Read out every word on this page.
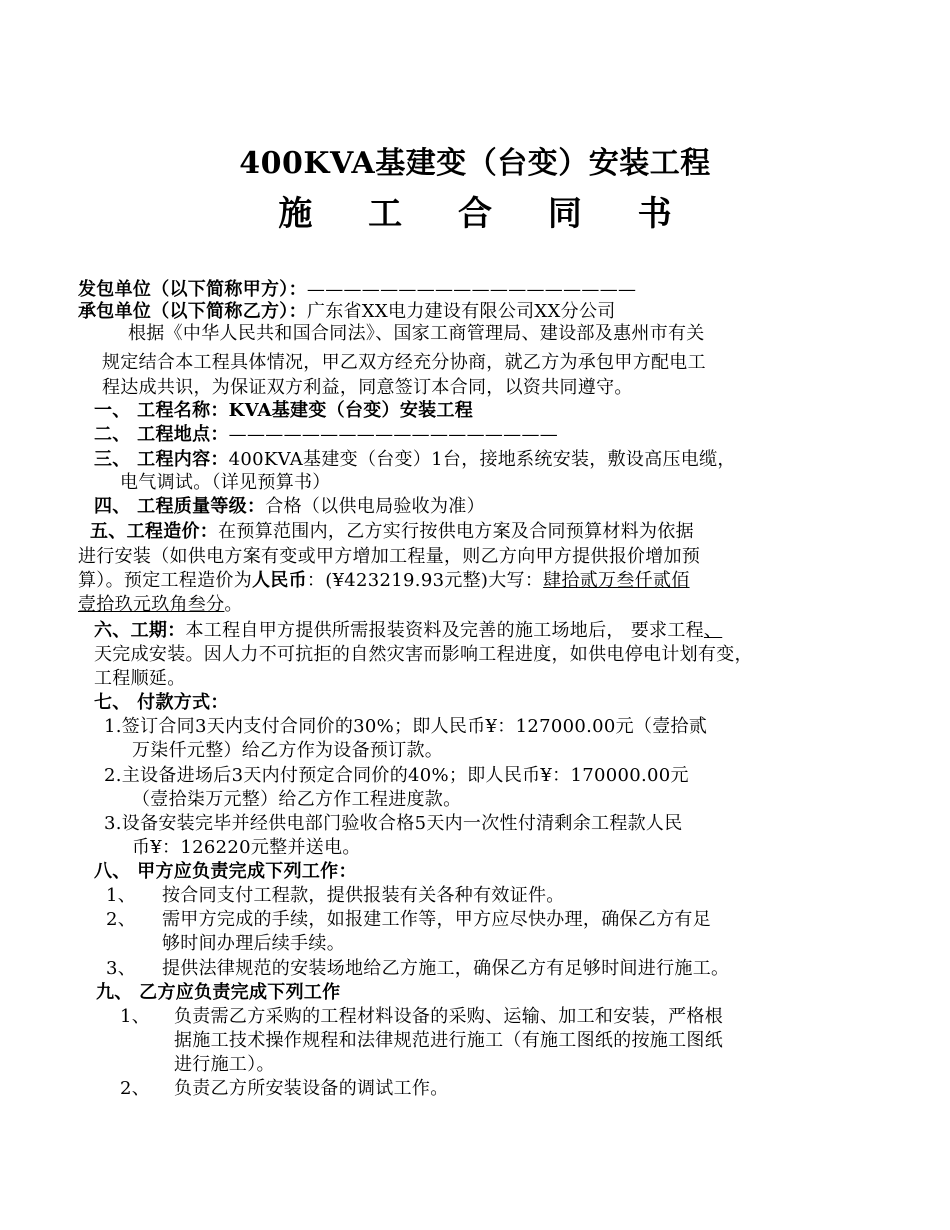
400KVA基建变（台变）安装工程
施 工 合 同 书
发包单位（以下简称甲方）：——————————————————
承包单位（以下简称乙方）：广东省XX电力建设有限公司XX分公司
根据《中华人民共和国合同法》、国家工商管理局、建设部及惠州市有关
规定结合本工程具体情况，甲乙双方经充分协商，就乙方为承包甲方配电工
程达成共识，为保证双方利益，同意签订本合同，以资共同遵守。
一、 工程名称：KVA基建变（台变）安装工程
二、 工程地点：——————————————————
三、 工程内容：400KVA基建变（台变）1台，接地系统安装，敷设高压电缆，
电气调试。（详见预算书）
四、 工程质量等级：合格（以供电局验收为准）
五、工程造价：在预算范围内，乙方实行按供电方案及合同预算材料为依据
进行安装（如供电方案有变或甲方增加工程量，则乙方向甲方提供报价增加预
算）。预定工程造价为人民币：(¥423219.93元整)大写：肆拾贰万叁仟贰佰
壹拾玖元玖角叁分。
六、工期：本工程自甲方提供所需报装资料及完善的施工场地后， 要求工程、
天完成安装。因人力不可抗拒的自然灾害而影响工程进度，如供电停电计划有变，
工程顺延。
七、 付款方式：
1.签订合同3天内支付合同价的30%；即人民币¥：127000.00元（壹拾贰
万柒仟元整）给乙方作为设备预订款。
2.主设备进场后3天内付预定合同价的40%；即人民币¥：170000.00元
（壹拾柒万元整）给乙方作工程进度款。
3.设备安装完毕并经供电部门验收合格5天内一次性付清剩余工程款人民
币¥：126220元整并送电。
八、 甲方应负责完成下列工作：
1、 按合同支付工程款，提供报装有关各种有效证件。
2、 需甲方完成的手续，如报建工作等，甲方应尽快办理，确保乙方有足
够时间办理后续手续。
3、 提供法律规范的安装场地给乙方施工，确保乙方有足够时间进行施工。
九、 乙方应负责完成下列工作
1、 负责需乙方采购的工程材料设备的采购、运输、加工和安装，严格根
据施工技术操作规程和法律规范进行施工（有施工图纸的按施工图纸
进行施工）。
2、 负责乙方所安装设备的调试工作。
